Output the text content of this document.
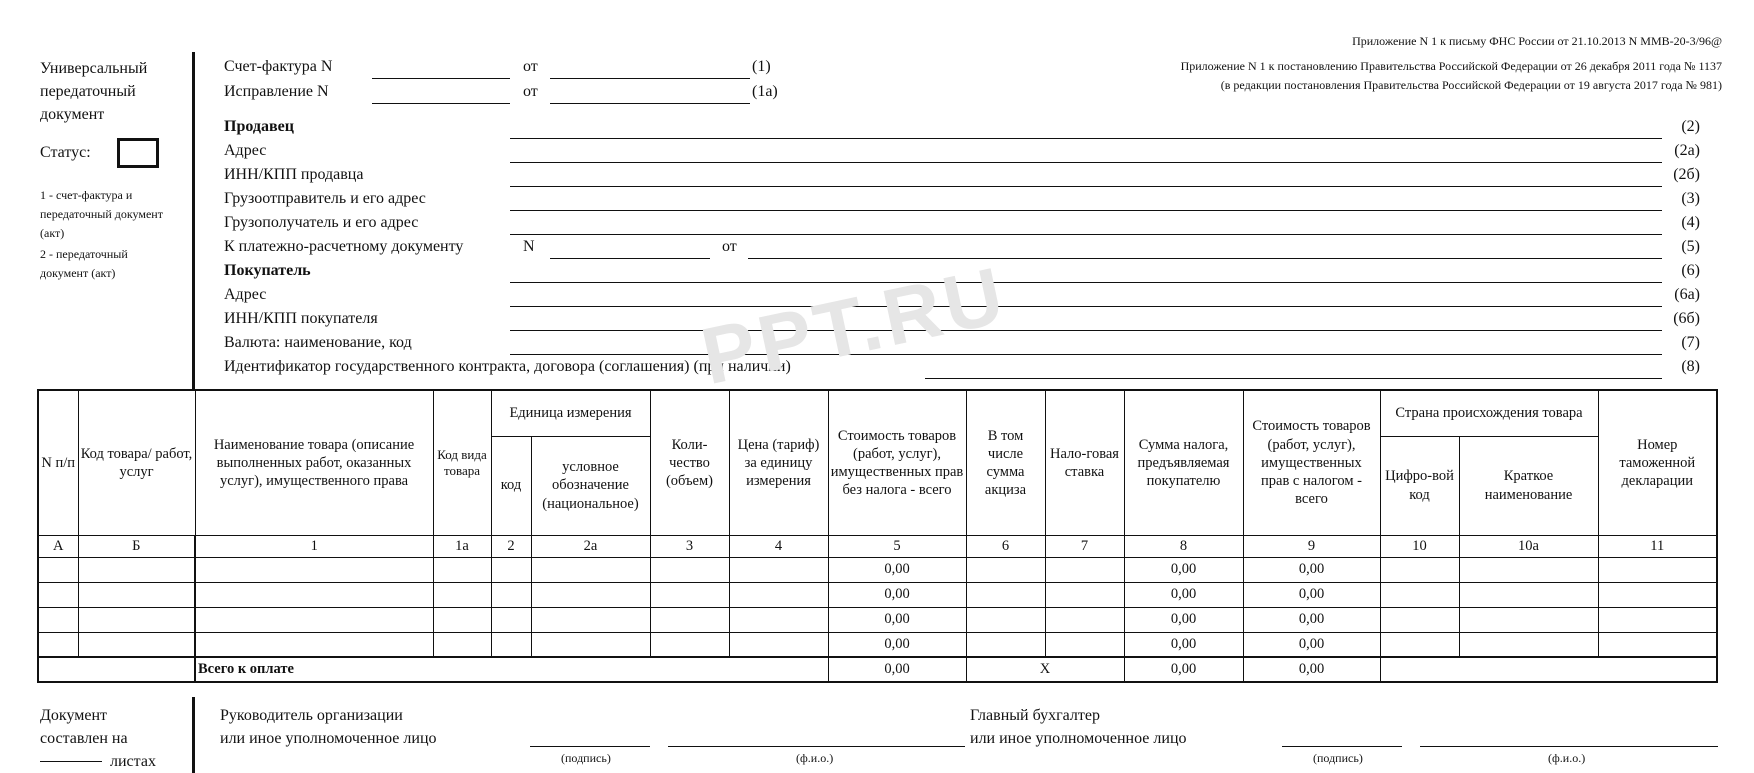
Приложение N 1 к письму ФНС России от 21.10.2013 N ММВ-20-3/96@
Приложение N 1 к постановлению Правительства Российской Федерации от 26 декабря 2011 года № 1137
(в редакции постановления Правительства Российской Федерации от 19 августа 2017 года № 981)
Универсальный
передаточный
документ
Статус:
1 - счет-фактура и
передаточный документ
(акт)
2 - передаточный
документ (акт)
Счет-фактура N	от	(1)
Исправление N	от	(1а)
Продавец	(2)
Адрес	(2а)
ИНН/КПП продавца	(2б)
Грузоотправитель и его адрес	(3)
Грузополучатель и его адрес	(4)
К платежно-расчетному документу	N	от	(5)
Покупатель	(6)
Адрес	(6а)
ИНН/КПП покупателя	(6б)
Валюта: наименование, код	(7)
Идентификатор государственного контракта, договора (соглашения) (при наличии)	(8)
PPT.RU
N п/п	Код товара/ работ, услуг	Наименование товара (описание выполненных работ, оказанных услуг), имущественного права	Код вида товара	Единица измерения		Коли-чество (объем)	Цена (тариф) за единицу измерения	Стоимость товаров (работ, услуг), имущественных прав без налога - всего	В том числе сумма акциза	Нало-говая ставка	Сумма налога, предъявляемая покупателю	Стоимость товаров (работ, услуг), имущественных прав с налогом - всего	Страна происхождения товара		Номер таможенной декларации
				код	условное обозначение (национальное)								Цифро-вой код	Краткое наименование	
А	Б	1	1а	2	2а	3	4	5	6	7	8	9	10	10а	11
								0,00			0,00	0,00			
								0,00			0,00	0,00			
								0,00			0,00	0,00			
								0,00			0,00	0,00			
		Всего к оплате						0,00	X		0,00	0,00			
Документ
составлен на
листах
Руководитель организации
или иное уполномоченное лицо
(подпись)	(ф.и.о.)
Главный бухгалтер
или иное уполномоченное лицо
(подпись)	(ф.и.о.)
